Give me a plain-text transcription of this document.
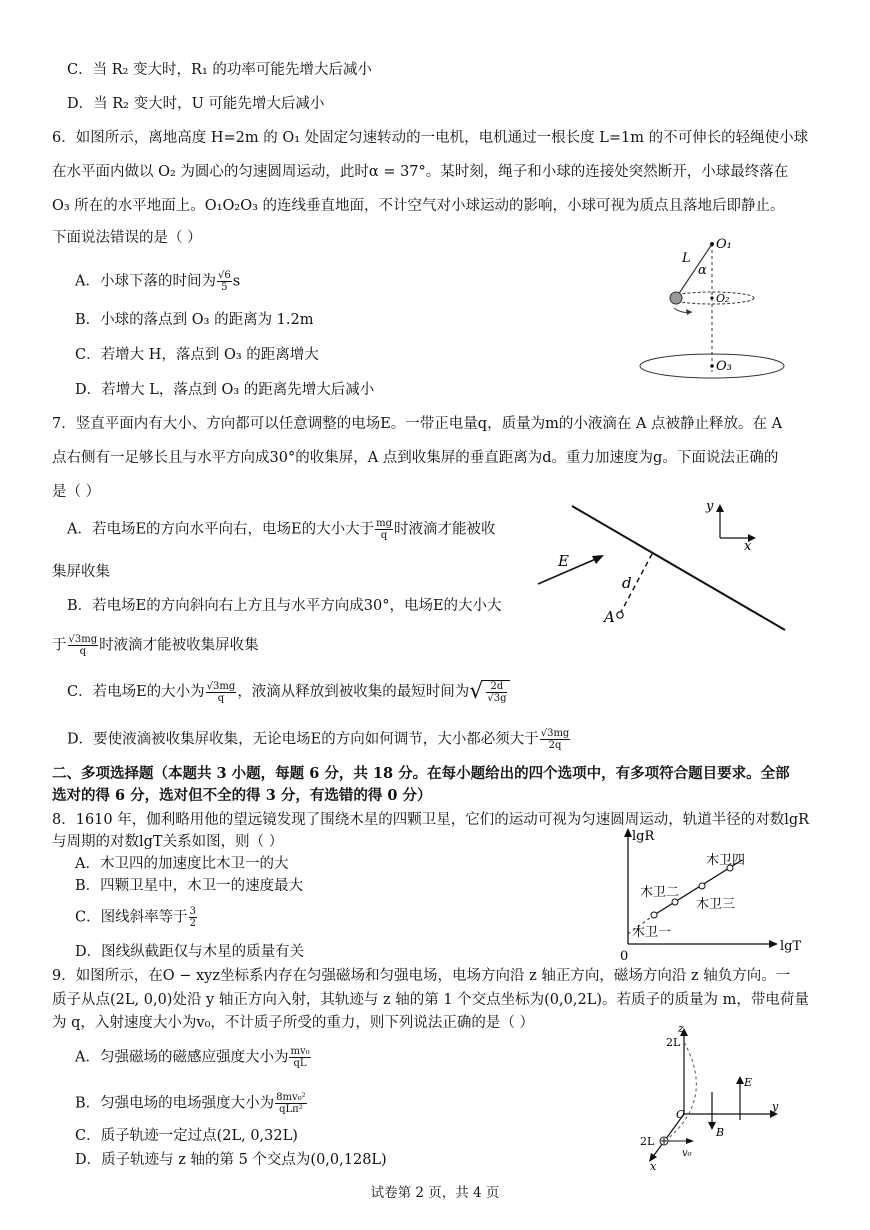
C．当 R₂ 变大时，R₁ 的功率可能先增大后减小
D．当 R₂ 变大时，U 可能先增大后减小
6．如图所示，离地高度 H=2m 的 O₁ 处固定匀速转动的一电机，电机通过一根长度 L=1m 的不可伸长的轻绳使小球
在水平面内做以 O₂ 为圆心的匀速圆周运动，此时α = 37°。某时刻，绳子和小球的连接处突然断开，小球最终落在
O₃ 所在的水平地面上。O₁O₂O₃ 的连线垂直地面，不计空气对小球运动的影响，小球可视为质点且落地后即静止。
下面说法错误的是（ ）
A．小球下落的时间为 $\frac{√6}{5}$ s
B．小球的落点到 O₃ 的距离为 1.2m
C．若增大 H，落点到 O₃ 的距离增大
D．若增大 L，落点到 O₃ 的距离先增大后减小
L
O₁
α
O₂
O₃
7．竖直平面内有大小、方向都可以任意调整的电场E。一带正电量q，质量为m的小液滴在 A 点被静止释放。在 A
点右侧有一足够长且与水平方向成30°的收集屏，A 点到收集屏的垂直距离为d。重力加速度为g。下面说法正确的
是（ ）
A．若电场E的方向水平向右，电场E的大小大于 $\frac{mg}{q}$ 时液滴才能被收
集屏收集
B．若电场E的方向斜向右上方且与水平方向成30°，电场E的大小大
于 $\frac{√3mg}{q}$ 时液滴才能被收集屏收集
C．若电场E的大小为 $\frac{√3mg}{q}$ ，液滴从释放到被收集的最短时间为√ $\frac{2d}{√3g}$
D．要使液滴被收集屏收集，无论电场E的方向如何调节，大小都必须大于 $\frac{√3mg}{2q}$
E
d
A
y
x
二、多项选择题（本题共 3 小题，每题 6 分，共 18 分。在每小题给出的四个选项中，有多项符合题目要求。全部
选对的得 6 分，选对但不全的得 3 分，有选错的得 0 分）
8．1610 年，伽利略用他的望远镜发现了围绕木星的四颗卫星，它们的运动可视为匀速圆周运动，轨道半径的对数lgR
与周期的对数lgT关系如图，则（ ）
A．木卫四的加速度比木卫一的大
B．四颗卫星中，木卫一的速度最大
C．图线斜率等于 $\frac{3}{2}$
D．图线纵截距仅与木星的质量有关
lgR
lgT
0
木卫四
木卫二
木卫三
木卫一
9．如图所示，在O − xyz坐标系内存在匀强磁场和匀强电场，电场方向沿 z 轴正方向，磁场方向沿 z 轴负方向。一
质子从点(2L, 0,0)处沿 y 轴正方向入射，其轨迹与 z 轴的第 1 个交点坐标为(0,0,2L)。若质子的质量为 m，带电荷量
为 q，入射速度大小为v₀，不计质子所受的重力，则下列说法正确的是（ ）
A．匀强磁场的磁感应强度大小为 $\frac{\text{mv₀}}{qL}$
B．匀强电场的电场强度大小为 $\frac{\text{8mv₀²}}{\text{qLπ²}}$
C．质子轨迹一定过点(2L, 0,32L)
D．质子轨迹与 z 轴的第 5 个交点为(0,0,128L)
z
2L
E
O
y
B
2L
v₀
x
试卷第 2 页，共 4 页
